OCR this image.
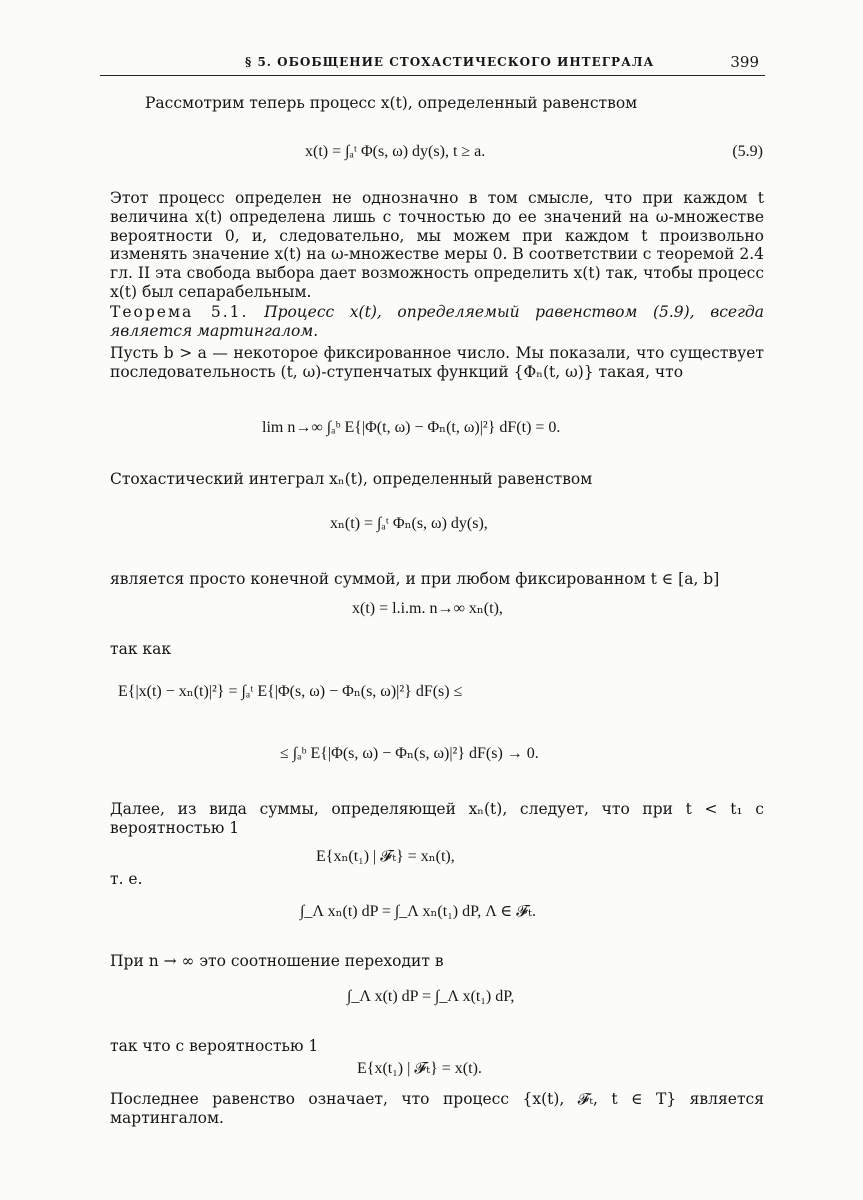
§ 5. ОБОБЩЕНИЕ СТОХАСТИЧЕСКОГО ИНТЕГРАЛА	399
Рассмотрим теперь процесс x(t), определенный равенством
x(t) = ∫ₐᵗ Φ(s, ω) dy(s), t ≥ a.	(5.9)
Этот процесс определен не однозначно в том смысле, что при каждом t величина x(t) определена лишь с точностью до ее значений на ω-множестве вероятности 0, и, следовательно, мы можем при каждом t произвольно изменять значение x(t) на ω-множестве меры 0. В соответствии с теоремой 2.4 гл. II эта свобода выбора дает возможность определить x(t) так, чтобы процесс x(t) был сепарабельным.
Теорема 5.1. Процесс x(t), определяемый равенством (5.9), всегда является мартингалом.
Пусть b > a — некоторое фиксированное число. Мы показали, что существует последовательность (t, ω)-ступенчатых функций {Φₙ(t, ω)} такая, что
lim n→∞ ∫ₐᵇ E{|Φ(t, ω) − Φₙ(t, ω)|²} dF(t) = 0.
Стохастический интеграл xₙ(t), определенный равенством
xₙ(t) = ∫ₐᵗ Φₙ(s, ω) dy(s),
является просто конечной суммой, и при любом фиксированном t ∈ [a, b]
x(t) = l.i.m. n→∞ xₙ(t),
так как
E{|x(t) − xₙ(t)|²} = ∫ₐᵗ E{|Φ(s, ω) − Φₙ(s, ω)|²} dF(s) ≤
≤ ∫ₐᵇ E{|Φ(s, ω) − Φₙ(s, ω)|²} dF(s) → 0.
Далее, из вида суммы, определяющей xₙ(t), следует, что при t < t₁ с вероятностью 1
E{xₙ(t₁) | 𝓕ₜ} = xₙ(t),
т. е.
∫_Λ xₙ(t) dP = ∫_Λ xₙ(t₁) dP, Λ ∈ 𝓕ₜ.
При n → ∞ это соотношение переходит в
∫_Λ x(t) dP = ∫_Λ x(t₁) dP,
так что с вероятностью 1
E{x(t₁) | 𝓕ₜ} = x(t).
Последнее равенство означает, что процесс {x(t), 𝓕ₜ, t ∈ T} является мартингалом.
